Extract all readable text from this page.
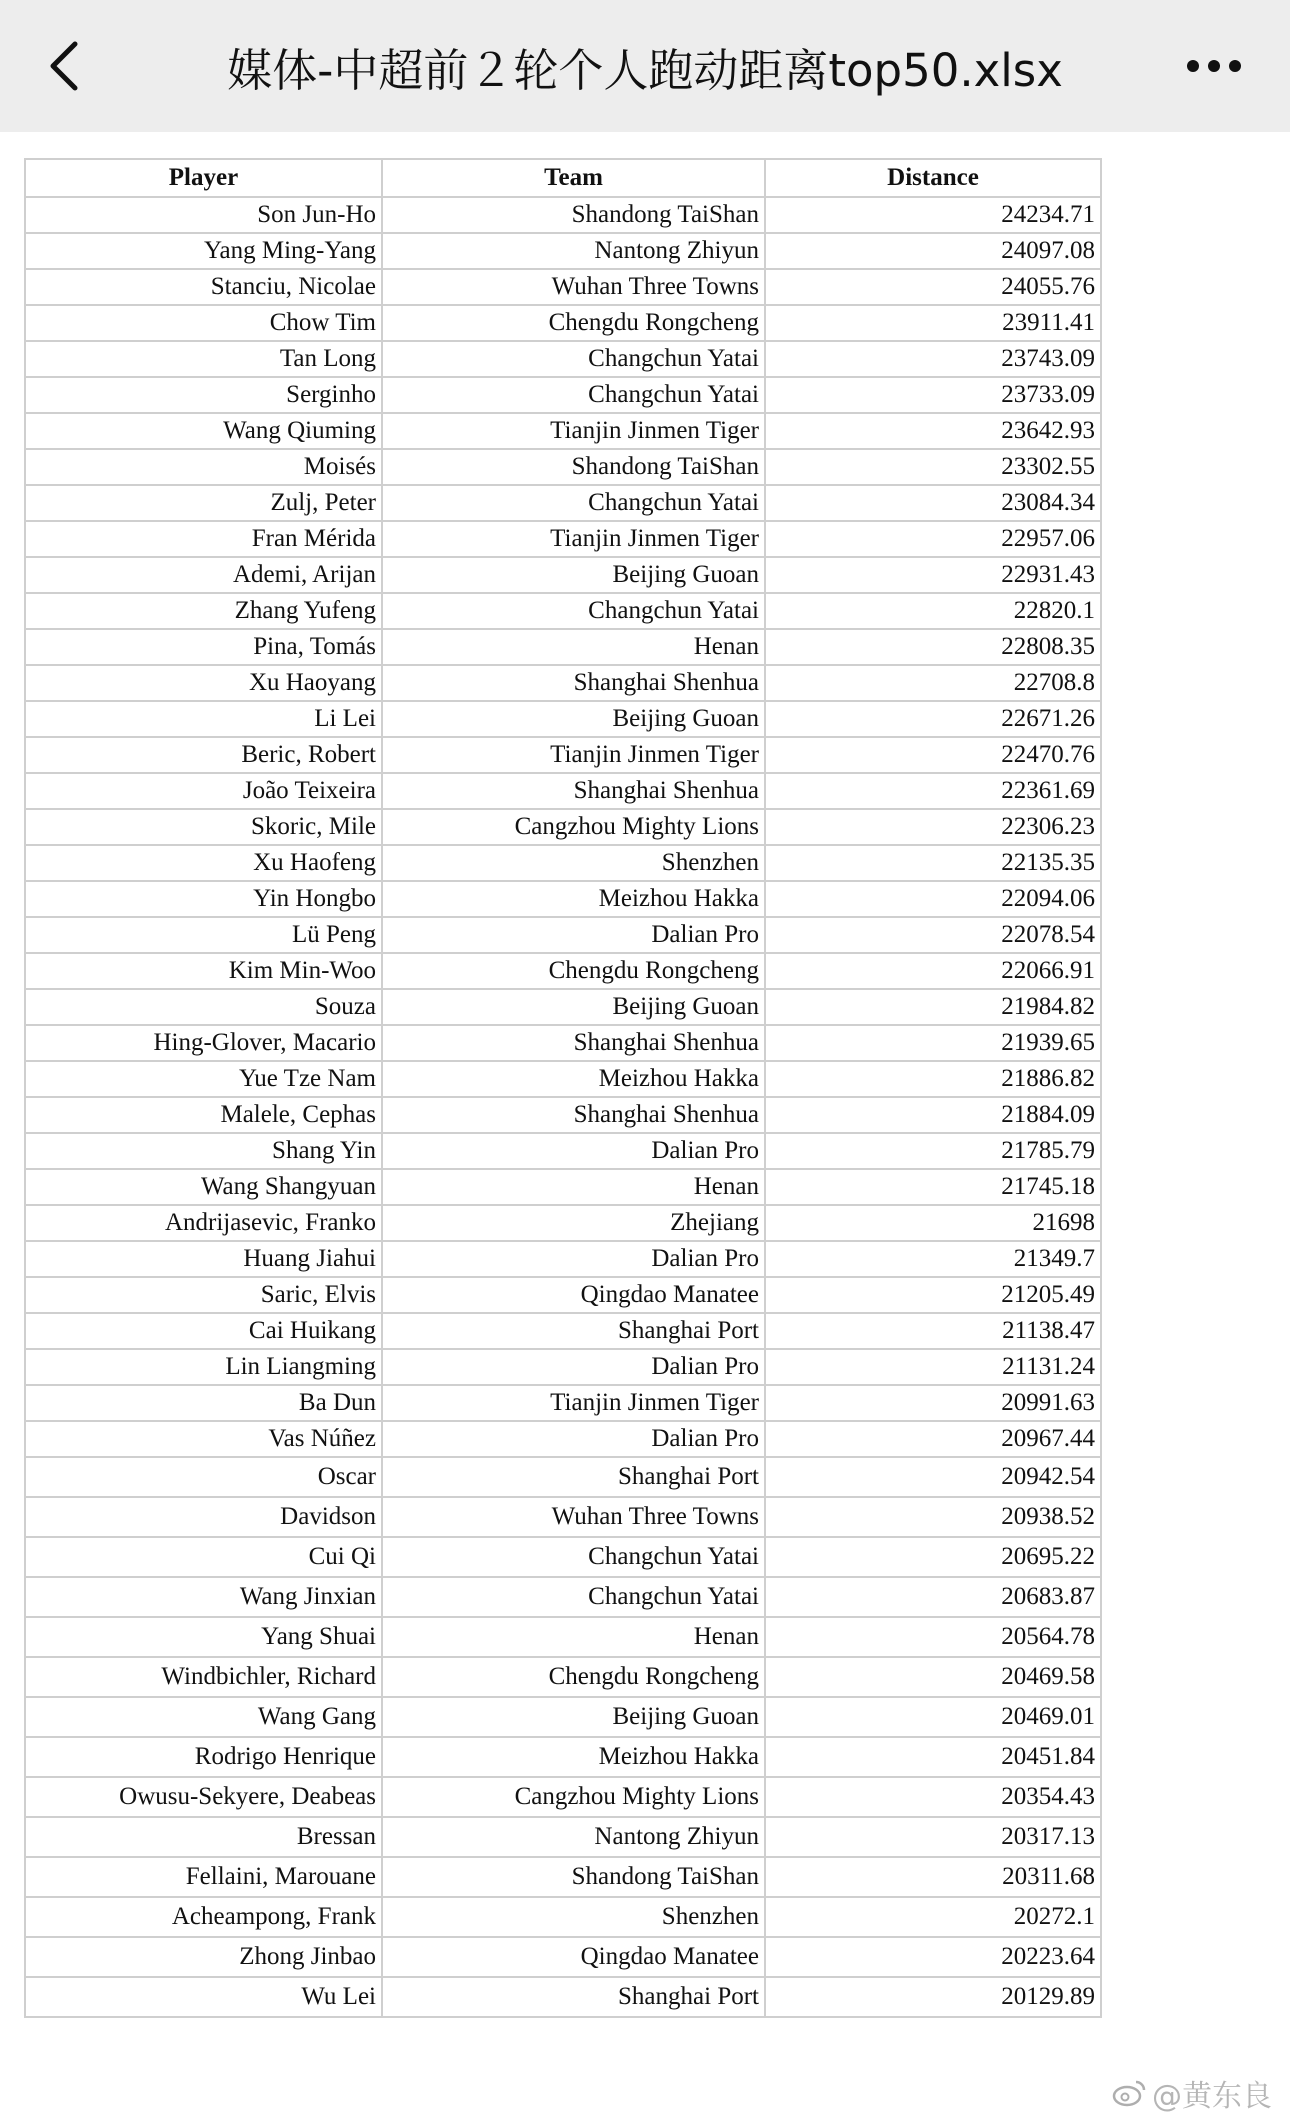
媒体-中超前２轮个人跑动距离top50.xlsx
Player	Team	Distance
Son Jun-Ho	Shandong TaiShan	24234.71
Yang Ming-Yang	Nantong Zhiyun	24097.08
Stanciu, Nicolae	Wuhan Three Towns	24055.76
Chow Tim	Chengdu Rongcheng	23911.41
Tan Long	Changchun Yatai	23743.09
Serginho	Changchun Yatai	23733.09
Wang Qiuming	Tianjin Jinmen Tiger	23642.93
Moisés	Shandong TaiShan	23302.55
Zulj, Peter	Changchun Yatai	23084.34
Fran Mérida	Tianjin Jinmen Tiger	22957.06
Ademi, Arijan	Beijing Guoan	22931.43
Zhang Yufeng	Changchun Yatai	22820.1
Pina, Tomás	Henan	22808.35
Xu Haoyang	Shanghai Shenhua	22708.8
Li Lei	Beijing Guoan	22671.26
Beric, Robert	Tianjin Jinmen Tiger	22470.76
João Teixeira	Shanghai Shenhua	22361.69
Skoric, Mile	Cangzhou Mighty Lions	22306.23
Xu Haofeng	Shenzhen	22135.35
Yin Hongbo	Meizhou Hakka	22094.06
Lü Peng	Dalian Pro	22078.54
Kim Min-Woo	Chengdu Rongcheng	22066.91
Souza	Beijing Guoan	21984.82
Hing-Glover, Macario	Shanghai Shenhua	21939.65
Yue Tze Nam	Meizhou Hakka	21886.82
Malele, Cephas	Shanghai Shenhua	21884.09
Shang Yin	Dalian Pro	21785.79
Wang Shangyuan	Henan	21745.18
Andrijasevic, Franko	Zhejiang	21698
Huang Jiahui	Dalian Pro	21349.7
Saric, Elvis	Qingdao Manatee	21205.49
Cai Huikang	Shanghai Port	21138.47
Lin Liangming	Dalian Pro	21131.24
Ba Dun	Tianjin Jinmen Tiger	20991.63
Vas Núñez	Dalian Pro	20967.44
Oscar	Shanghai Port	20942.54
Davidson	Wuhan Three Towns	20938.52
Cui Qi	Changchun Yatai	20695.22
Wang Jinxian	Changchun Yatai	20683.87
Yang Shuai	Henan	20564.78
Windbichler, Richard	Chengdu Rongcheng	20469.58
Wang Gang	Beijing Guoan	20469.01
Rodrigo Henrique	Meizhou Hakka	20451.84
Owusu-Sekyere, Deabeas	Cangzhou Mighty Lions	20354.43
Bressan	Nantong Zhiyun	20317.13
Fellaini, Marouane	Shandong TaiShan	20311.68
Acheampong, Frank	Shenzhen	20272.1
Zhong Jinbao	Qingdao Manatee	20223.64
Wu Lei	Shanghai Port	20129.89
@黄东良
